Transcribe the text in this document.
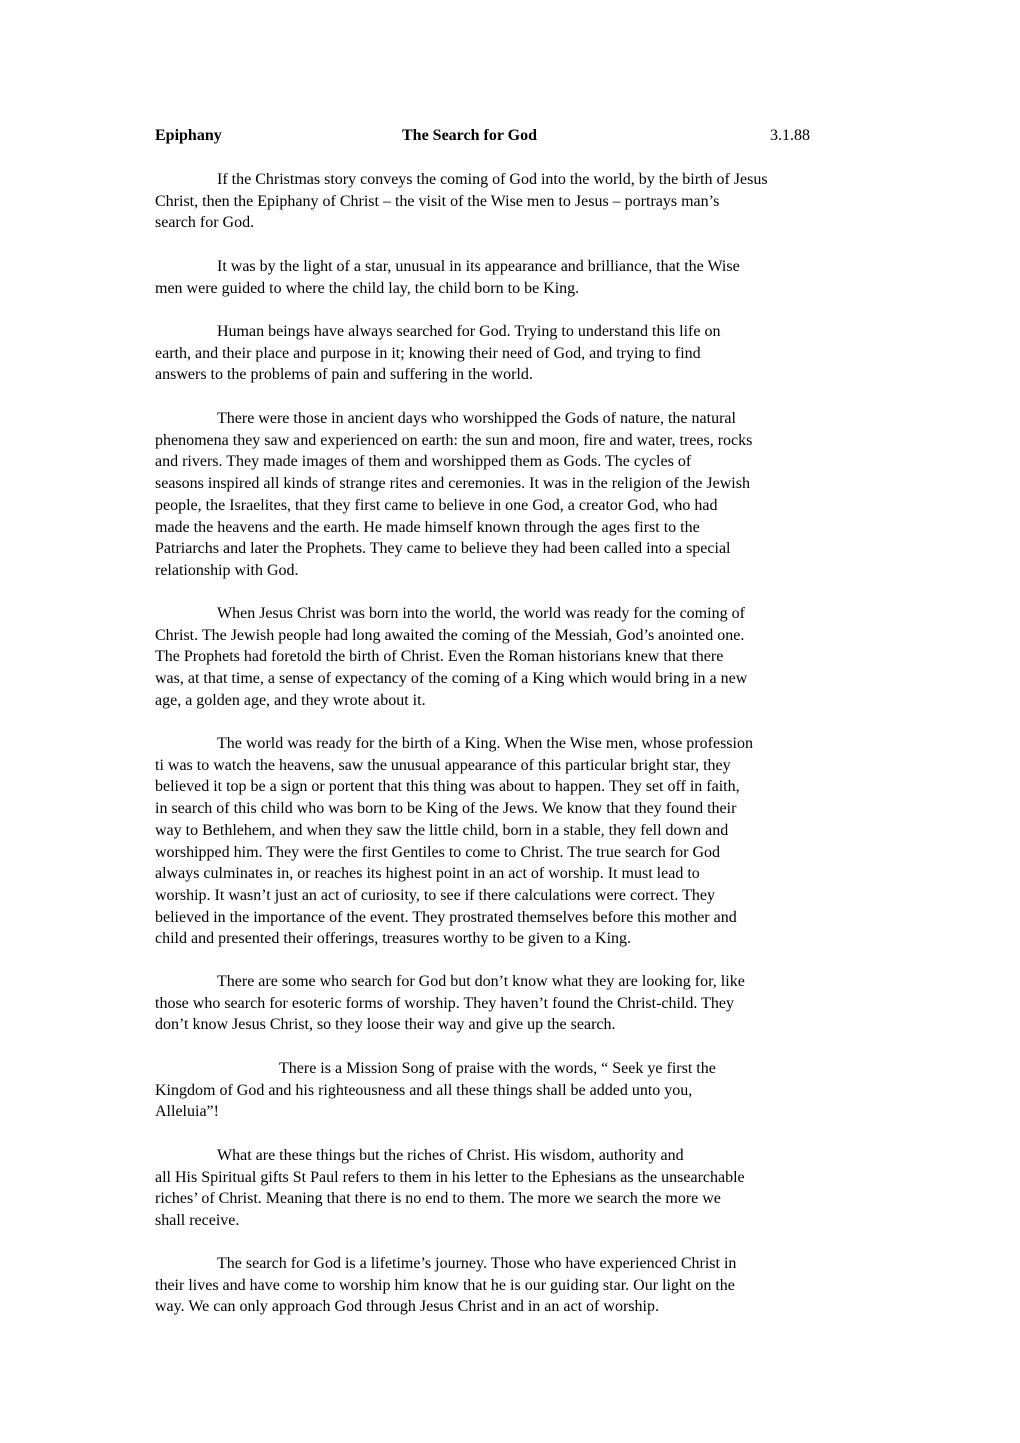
Epiphany	The Search for God	3.1.88

If the Christmas story conveys the coming of God into the world, by the birth of Jesus
Christ, then the Epiphany of Christ – the visit of the Wise men to Jesus – portrays man’s
search for God.

It was by the light of a star, unusual in its appearance and brilliance, that the Wise
men were guided to where the child lay, the child born to be King.

Human beings have always searched for God. Trying to understand this life on
earth, and their place and purpose in it; knowing their need of God, and trying to find
answers to the problems of pain and suffering in the world.

There were those in ancient days who worshipped the Gods of nature, the natural
phenomena they saw and experienced on earth: the sun and moon, fire and water, trees, rocks
and rivers. They made images of them and worshipped them as Gods. The cycles of
seasons inspired all kinds of strange rites and ceremonies. It was in the religion of the Jewish
people, the Israelites, that they first came to believe in one God, a creator God, who had
made the heavens and the earth. He made himself known through the ages first to the
Patriarchs and later the Prophets. They came to believe they had been called into a special
relationship with God.

When Jesus Christ was born into the world, the world was ready for the coming of
Christ. The Jewish people had long awaited the coming of the Messiah, God’s anointed one.
The Prophets had foretold the birth of Christ. Even the Roman historians knew that there
was, at that time, a sense of expectancy of the coming of a King which would bring in a new
age, a golden age, and they wrote about it.

The world was ready for the birth of a King. When the Wise men, whose profession
ti was to watch the heavens, saw the unusual appearance of this particular bright star, they
believed it top be a sign or portent that this thing was about to happen. They set off in faith,
in search of this child who was born to be King of the Jews. We know that they found their
way to Bethlehem, and when they saw the little child, born in a stable, they fell down and
worshipped him. They were the first Gentiles to come to Christ. The true search for God
always culminates in, or reaches its highest point in an act of worship. It must lead to
worship. It wasn’t just an act of curiosity, to see if there calculations were correct. They
believed in the importance of the event. They prostrated themselves before this mother and
child and presented their offerings, treasures worthy to be given to a King.

There are some who search for God but don’t know what they are looking for, like
those who search for esoteric forms of worship. They haven’t found the Christ-child. They
don’t know Jesus Christ, so they loose their way and give up the search.

There is a Mission Song of praise with the words, “ Seek ye first the
Kingdom of God and his righteousness and all these things shall be added unto you,
Alleluia”!

What are these things but the riches of Christ. His wisdom, authority and
all His Spiritual gifts St Paul refers to them in his letter to the Ephesians as the unsearchable
riches’ of Christ. Meaning that there is no end to them. The more we search the more we
shall receive.

The search for God is a lifetime’s journey. Those who have experienced Christ in
their lives and have come to worship him know that he is our guiding star. Our light on the
way. We can only approach God through Jesus Christ and in an act of worship.
